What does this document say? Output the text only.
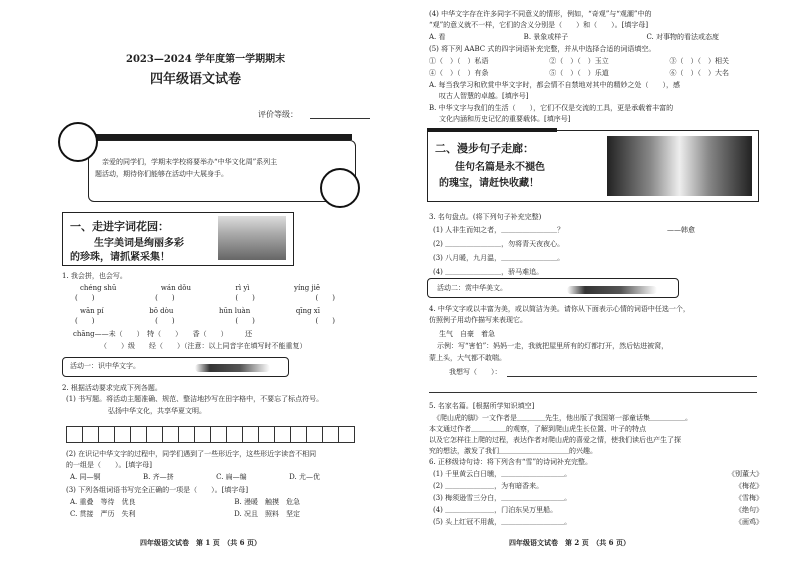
2023—2024 学年度第一学期期末
四年级语文试卷
评价等级：
亲爱的同学们，学期末学校将要举办“中华文化周”系列主
题活动，期待你们能够在活动中大展身手。
一、走进字词花园：
生字美词是绚丽多彩
的珍珠，请抓紧采集！
1. 我会拼，也会写。
chéng shū	wán dǒu	rì yì	yíng jiē
(　　)	(　　)	(　　)	(　　)
wān pí	bō dòu	hūn luàn	qīng xī
(　　)	(　　)	(　　)	(　　)
chāng——未（　　）　特（　　）　　香（　　）　　　还
（　　）级　　经（　　）（注意：以上同音字在填写时不能重复）
活动一：识中华文字。
2. 根据活动要求完成下列各题。
(1) 书写题。将活动主题准确、规范、整洁地抄写在田字格中，不要忘了标点符号。
弘扬中华文化，共享华夏文明。
(2) 在识记中华文字的过程中，同学们遇到了一些形近字，这些形近字读音不相同
的一组是（　　）。[填字母]
A. 同—铜	B. 齐—挤	C. 扁—编	D. 尤—优
(3) 下列各组词语书写完全正确的一项是（　　）。[填字母]
A. 重叠　等待　优良	B. 漫暖　触摸　危急
C. 贯接　严历　失利	D. 况且　照料　坚定
四年级语文试卷　第 1 页　（共 6 页）
(4) 中华文字存在许多同字不同意义的情形，例如，“奇观”与“观潮”中的
“观”的意义就不一样，它们的含义分别是（　　）和（　　）。[填字母]
A. 看	B. 景象或样子	C. 对事物的看法或态度
(5) 将下列 AABC 式的四字词语补充完整，并从中选择合适的词语填空。
①（　）（　）私语	②（　）（　）玉立	③（　）（　）相关
④（　）（　）有条	⑤（　）（　）乐道	⑥（　）（　）大名
A. 每当我学习和欣赏中华文字时，都会情不自禁地对其中的精妙之处（　　），感
叹古人智慧的卓越。[填序号]
B. 中华文字与我们的生活（　　），它们不仅是交流的工具，更是承载着丰富的
文化内涵和历史记忆的重要载体。[填序号]
二、漫步句子走廊：
佳句名篇是永不褪色
的瑰宝，请赶快收藏！
3. 名句盘点。(将下列句子补充完整)
(1) 人非生而知之者，＿＿＿＿＿＿＿＿？	——韩愈
(2) ＿＿＿＿＿＿＿＿，勿将青天夜夜心。
(3) 八月暖，九月温，＿＿＿＿＿＿＿＿。
(4) ＿＿＿＿＿＿＿＿，骄马难追。
活动二：赏中华美文。
4. 中华文字或以丰富为美，或以简洁为美。请你从下面表示心情的词语中任选一个，
仿照例子用动作描写来表现它。
生气　自豪　着急
示例：写“害怕”：妈妈一走，我就把屋里所有的灯都打开，然后钻进被窝，
蒙上头，大气都不敢喘。
我想写（　　）：
5. 名家名篇。[根据所学知识填空]
《爬山虎的脚》一文作者是＿＿＿＿先生，他出版了我国第一部童话集＿＿＿＿＿。
本文通过作者＿＿＿＿＿的观察，了解到爬山虎生长位置、叶子的特点
以及它怎样往上爬的过程，表达作者对爬山虎的喜爱之情，使我们读后也产生了探
究的想法，激发了我们＿＿＿＿＿＿＿＿＿＿的兴趣。
6. 正移级诗句诗：将下列含有“雪”的诗词补充完整。
(1) 千里黄云白日曛，＿＿＿＿＿＿＿＿＿。	《别董大》
(2) ＿＿＿＿＿＿＿，为有暗香来。	《梅花》
(3) 梅须逊雪三分白，＿＿＿＿＿＿＿＿＿。	《雪梅》
(4) ＿＿＿＿＿＿＿，门泊东吴万里船。	《绝句》
(5) 头上红冠不用裁，＿＿＿＿＿＿＿＿＿。	《画鸡》
四年级语文试卷　第 2 页　（共 6 页）
